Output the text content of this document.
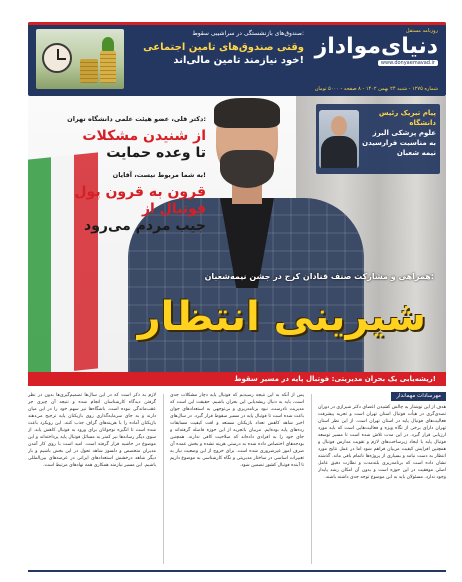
روزنامه مستقل
دنیای‌مواداز
www.donyaemavad.ir
شماره ۱۲۷۵ - شنبه ۲۴ بهمن ۱۴۰۲ - ۸ صفحه - ۵۰۰۰ تومان
صندوق‌های بازنشستگی در سراشیبی سقوط:
وقتی صندوق‌های تامین اجتماعی
خود نیازمند تامین مالی‌اند!
دکتر قلی، عضو هیئت علمی دانشگاه تهران:
از شنیدن مشکلات
تا وعده حمایت
به شما مربوط نیست، آقایان!
قرون به قرون پول فوتبال از
جیب مردم می‌رود
پیام تبریک رئیس دانشگاه
علوم پزشکی البرز
به مناسبت فرارسیدن
نیمه شعبان
همراهی و مشارکت صنف قنادان کرج در جشن نیمه‌شعبان:
شیرینی انتظار
ریشه‌یابی یک بحران مدیریتی: فوتبال پایه در مسیر سقوط!
مهرسادات مهماندار
هدف از این نوشتار به چالش کشیدن اعضای دکتر شیرازی در دوران تصدی‌گری در هیأت فوتبال استان تهران است و تجربه پیشرفت فعالیت‌های فوتبال پایه در استان تهران است. از این نظر استان تهران دارای برخی از نگاه ویژه و فعالیت‌هایی است که باید مورد ارزیابی قرار گیرد. در این مدت تلاش شده است تا مسیر توسعه فوتبال پایه با ایجاد زیرساخت‌های لازم و تقویت مدارس فوتبال و همچنین افزایش کیفیت مربیان فراهم شود اما در عمل نتایج مورد انتظار به دست نیامد و بسیاری از پروژه‌ها ناتمام باقی ماند. گذشته نشان داده است که برنامه‌ریزی بلندمدت و نظارت دقیق عامل اصلی موفقیت در این حوزه است و بدون آن امکان رشد پایدار وجود ندارد. مسئولان باید به این موضوع توجه جدی داشته باشند.
پس از آنکه به این نتیجه رسیدیم که فوتبال پایه دچار مشکلات جدی است، باید به دنبال ریشه‌یابی این بحران باشیم. حقیقت این است که مدیریت نادرست، نبود برنامه‌ریزی و بی‌توجهی به استعدادهای جوان باعث شده است تا فوتبال پایه در مسیر سقوط قرار گیرد. در سال‌های اخیر شاهد کاهش تعداد بازیکنان مستعد و افت کیفیت مسابقات رده‌های پایه بوده‌ایم. مربیان باتجربه از این حوزه فاصله گرفته‌اند و جای خود را به افرادی داده‌اند که صلاحیت کافی ندارند. همچنین بودجه‌های اختصاص داده شده به درستی هزینه نشده و بخش عمده آن صرف امور غیرضروری شده است. برای خروج از این وضعیت نیاز به تغییرات اساسی در ساختار مدیریتی و نگاه کارشناسی به موضوع داریم تا آینده فوتبال کشور تضمین شود.
لازم به ذکر است که در این سال‌ها تصمیم‌گیری‌ها بدون در نظر گرفتن دیدگاه کارشناسان انجام شده و نتیجه آن چیزی جز عقب‌ماندگی نبوده است. باشگاه‌ها نیز سهم خود را در این میان دارند و به جای سرمایه‌گذاری روی بازیکنان پایه ترجیح می‌دهند بازیکنان آماده را با هزینه‌های گزاف جذب کنند. این رویکرد باعث شده است تا انگیزه نوجوانان برای ورود به فوتبال کاهش یابد. از سوی دیگر رسانه‌ها نیز کمتر به مسائل فوتبال پایه پرداخته‌اند و این موضوع در حاشیه قرار گرفته است. امید است با روی کار آمدن مدیران متخصص و دلسوز شاهد تحول در این بخش باشیم و بار دیگر شاهد درخشش استعدادهای ایرانی در عرصه‌های بین‌المللی باشیم. این مسیر نیازمند همکاری همه نهادهای مرتبط است.
